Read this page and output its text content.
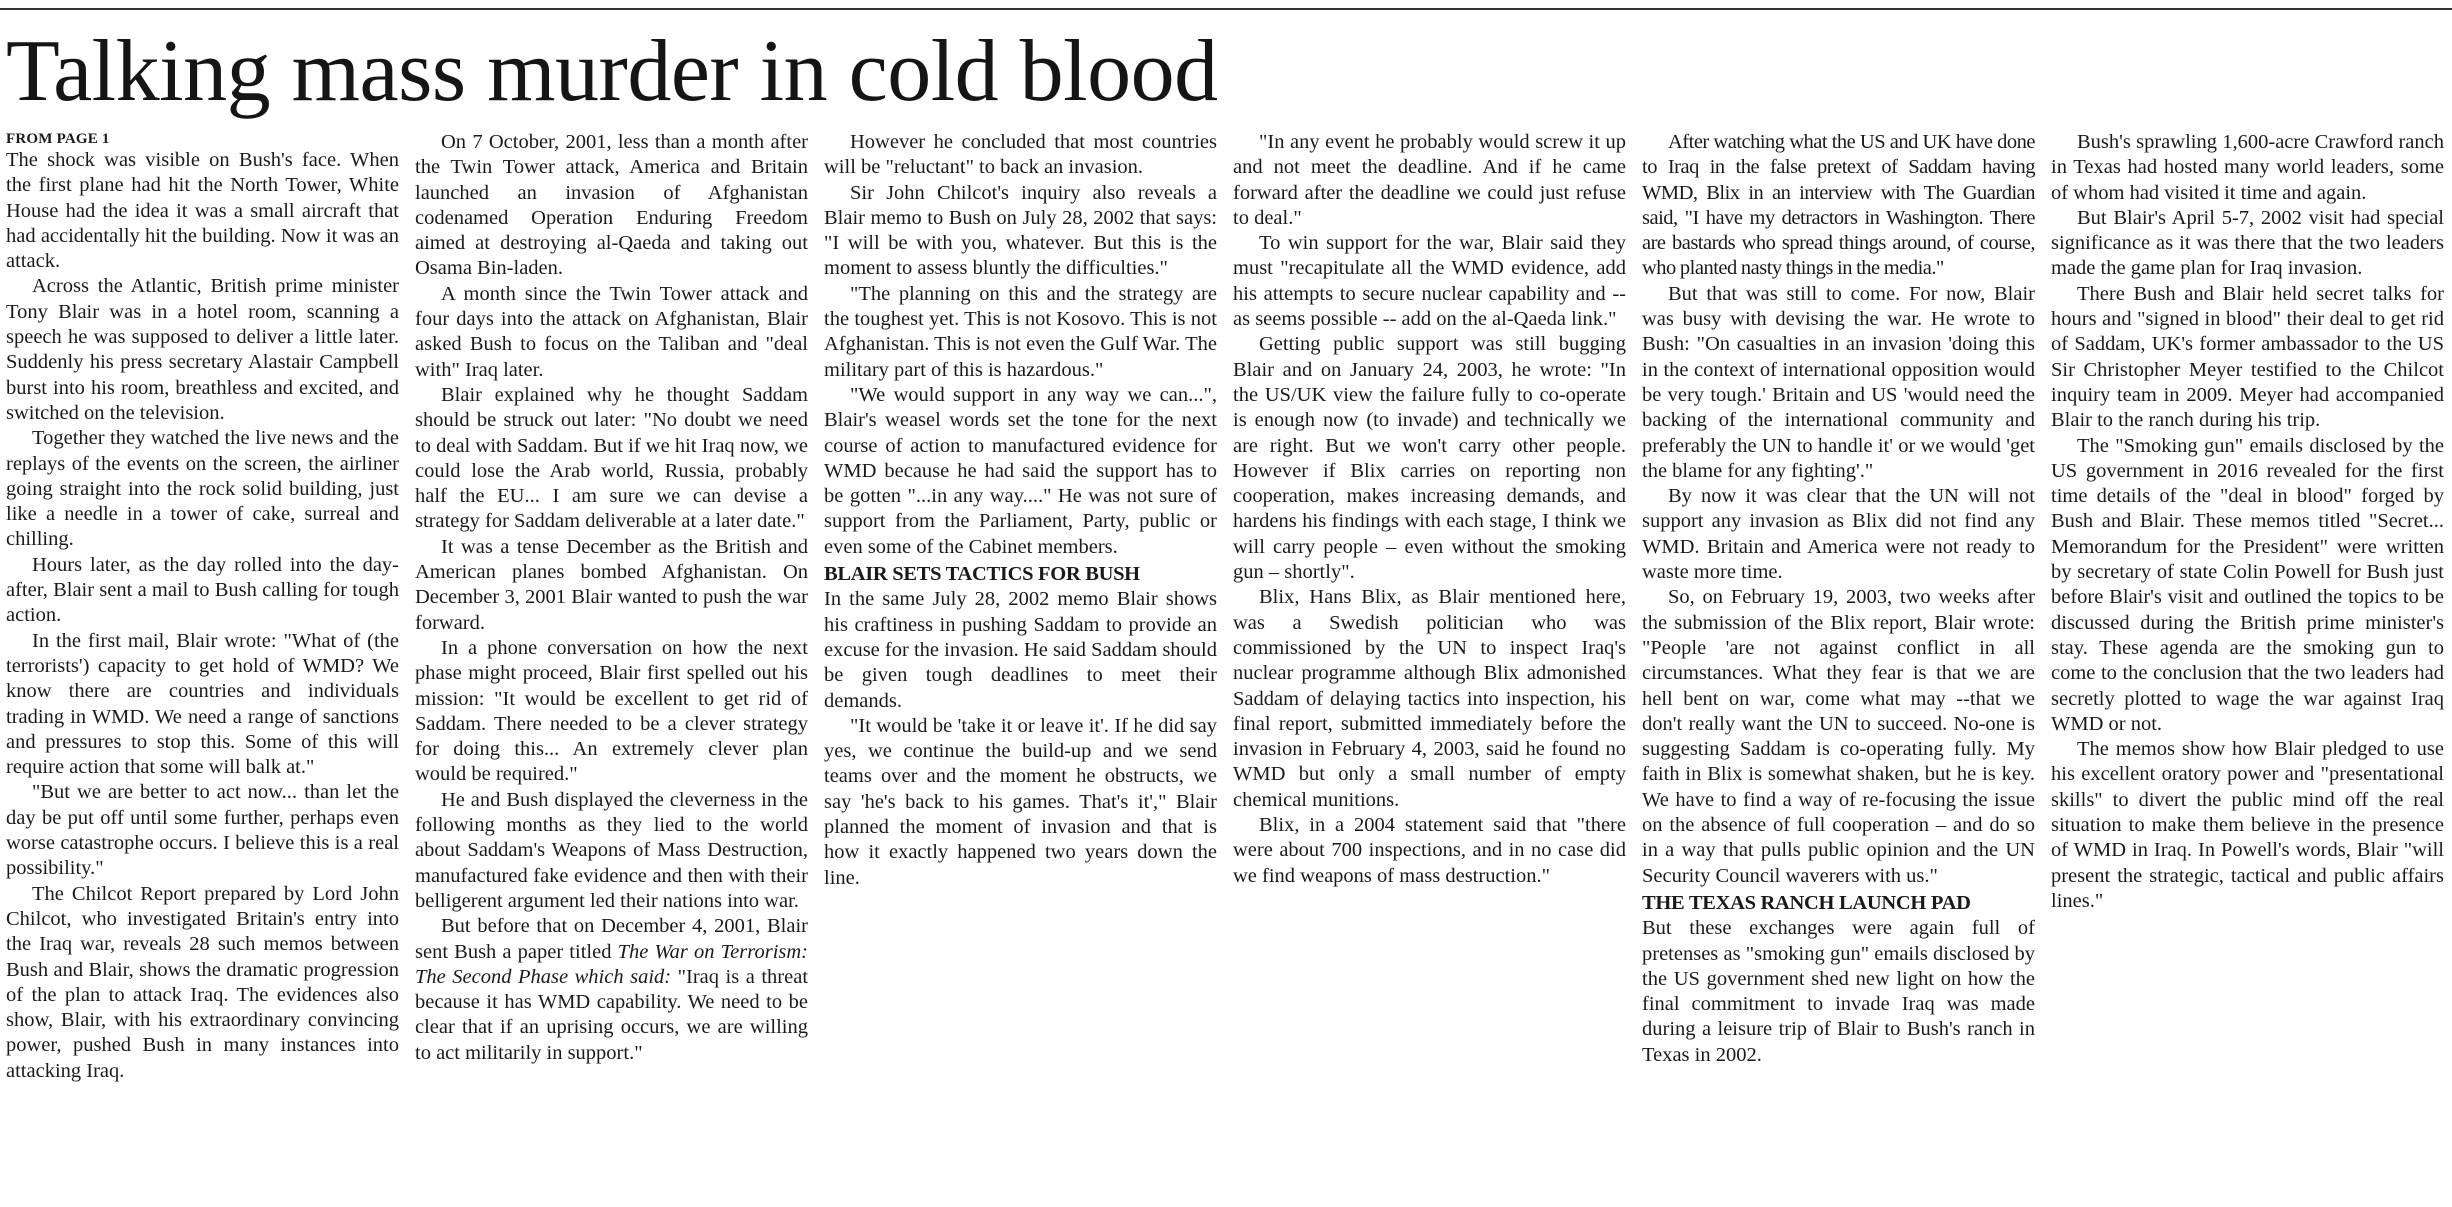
Talking mass murder in cold blood
FROM PAGE 1

The shock was visible on Bush's face. When the first plane had hit the North Tower, White House had the idea it was a small aircraft that had accidentally hit the building. Now it was an attack.

Across the Atlantic, British prime minister Tony Blair was in a hotel room, scanning a speech he was supposed to deliver a little later. Suddenly his press secretary Alastair Campbell burst into his room, breathless and excited, and switched on the television.

Together they watched the live news and the replays of the events on the screen, the airliner going straight into the rock solid building, just like a needle in a tower of cake, surreal and chilling.

Hours later, as the day rolled into the day-after, Blair sent a mail to Bush calling for tough action.

In the first mail, Blair wrote: "What of (the terrorists') capacity to get hold of WMD? We know there are countries and individuals trading in WMD. We need a range of sanctions and pressures to stop this. Some of this will require action that some will balk at."

"But we are better to act now... than let the day be put off until some further, perhaps even worse catastrophe occurs. I believe this is a real possibility."

The Chilcot Report prepared by Lord John Chilcot, who investigated Britain's entry into the Iraq war, reveals 28 such memos between Bush and Blair, shows the dramatic progression of the plan to attack Iraq. The evidences also show, Blair, with his extraordinary convincing power, pushed Bush in many instances into attacking Iraq.

On 7 October, 2001, less than a month after the Twin Tower attack, America and Britain launched an invasion of Afghanistan codenamed Operation Enduring Freedom aimed at destroying al-Qaeda and taking out Osama Bin-laden.

A month since the Twin Tower attack and four days into the attack on Afghanistan, Blair asked Bush to focus on the Taliban and "deal with" Iraq later.

Blair explained why he thought Saddam should be struck out later: "No doubt we need to deal with Saddam. But if we hit Iraq now, we could lose the Arab world, Russia, probably half the EU... I am sure we can devise a strategy for Saddam deliverable at a later date."

It was a tense December as the British and American planes bombed Afghanistan. On December 3, 2001 Blair wanted to push the war forward.

In a phone conversation on how the next phase might proceed, Blair first spelled out his mission: "It would be excellent to get rid of Saddam. There needed to be a clever strategy for doing this... An extremely clever plan would be required."

He and Bush displayed the cleverness in the following months as they lied to the world about Saddam's Weapons of Mass Destruction, manufactured fake evidence and then with their belligerent argument led their nations into war.

But before that on December 4, 2001, Blair sent Bush a paper titled The War on Terrorism: The Second Phase which said: "Iraq is a threat because it has WMD capability. We need to be clear that if an uprising occurs, we are willing to act militarily in support."

However he concluded that most countries will be "reluctant" to back an invasion.

Sir John Chilcot's inquiry also reveals a Blair memo to Bush on July 28, 2002 that says: "I will be with you, whatever. But this is the moment to assess bluntly the difficulties."

"The planning on this and the strategy are the toughest yet. This is not Kosovo. This is not Afghanistan. This is not even the Gulf War. The military part of this is hazardous."

"We would support in any way we can...", Blair's weasel words set the tone for the next course of action to manufactured evidence for WMD because he had said the support has to be gotten "...in any way...." He was not sure of support from the Parliament, Party, public or even some of the Cabinet members.

BLAIR SETS TACTICS FOR BUSH

In the same July 28, 2002 memo Blair shows his craftiness in pushing Saddam to provide an excuse for the invasion. He said Saddam should be given tough deadlines to meet their demands.

"It would be 'take it or leave it'. If he did say yes, we continue the build-up and we send teams over and the moment he obstructs, we say 'he's back to his games. That's it'," Blair planned the moment of invasion and that is how it exactly happened two years down the line.

"In any event he probably would screw it up and not meet the deadline. And if he came forward after the deadline we could just refuse to deal."

To win support for the war, Blair said they must "recapitulate all the WMD evidence, add his attempts to secure nuclear capability and -- as seems possible -- add on the al-Qaeda link."

Getting public support was still bugging Blair and on January 24, 2003, he wrote: "In the US/UK view the failure fully to co-operate is enough now (to invade) and technically we are right. But we won't carry other people. However if Blix carries on reporting non cooperation, makes increasing demands, and hardens his findings with each stage, I think we will carry people – even without the smoking gun – shortly".

Blix, Hans Blix, as Blair mentioned here, was a Swedish politician who was commissioned by the UN to inspect Iraq's nuclear programme although Blix admonished Saddam of delaying tactics into inspection, his final report, submitted immediately before the invasion in February 4, 2003, said he found no WMD but only a small number of empty chemical munitions.

Blix, in a 2004 statement said that "there were about 700 inspections, and in no case did we find weapons of mass destruction."

After watching what the US and UK have done to Iraq in the false pretext of Saddam having WMD, Blix in an interview with The Guardian said, "I have my detractors in Washington. There are bastards who spread things around, of course, who planted nasty things in the media."

But that was still to come. For now, Blair was busy with devising the war. He wrote to Bush: "On casualties in an invasion 'doing this in the context of international opposition would be very tough.' Britain and US 'would need the backing of the international community and preferably the UN to handle it' or we would 'get the blame for any fighting'."

By now it was clear that the UN will not support any invasion as Blix did not find any WMD. Britain and America were not ready to waste more time.

So, on February 19, 2003, two weeks after the submission of the Blix report, Blair wrote: "People 'are not against conflict in all circumstances. What they fear is that we are hell bent on war, come what may --that we don't really want the UN to succeed. No-one is suggesting Saddam is co-operating fully. My faith in Blix is somewhat shaken, but he is key. We have to find a way of re-focusing the issue on the absence of full cooperation – and do so in a way that pulls public opinion and the UN Security Council waverers with us."

THE TEXAS RANCH LAUNCH PAD

But these exchanges were again full of pretenses as "smoking gun" emails disclosed by the US government shed new light on how the final commitment to invade Iraq was made during a leisure trip of Blair to Bush's ranch in Texas in 2002.

Bush's sprawling 1,600-acre Crawford ranch in Texas had hosted many world leaders, some of whom had visited it time and again.

But Blair's April 5-7, 2002 visit had special significance as it was there that the two leaders made the game plan for Iraq invasion.

There Bush and Blair held secret talks for hours and "signed in blood" their deal to get rid of Saddam, UK's former ambassador to the US Sir Christopher Meyer testified to the Chilcot inquiry team in 2009. Meyer had accompanied Blair to the ranch during his trip.

The "Smoking gun" emails disclosed by the US government in 2016 revealed for the first time details of the "deal in blood" forged by Bush and Blair. These memos titled "Secret... Memorandum for the President" were written by secretary of state Colin Powell for Bush just before Blair's visit and outlined the topics to be discussed during the British prime minister's stay. These agenda are the smoking gun to come to the conclusion that the two leaders had secretly plotted to wage the war against Iraq WMD or not.

The memos show how Blair pledged to use his excellent oratory power and "presentational skills" to divert the public mind off the real situation to make them believe in the presence of WMD in Iraq. In Powell's words, Blair "will present the strategic, tactical and public affairs lines."
